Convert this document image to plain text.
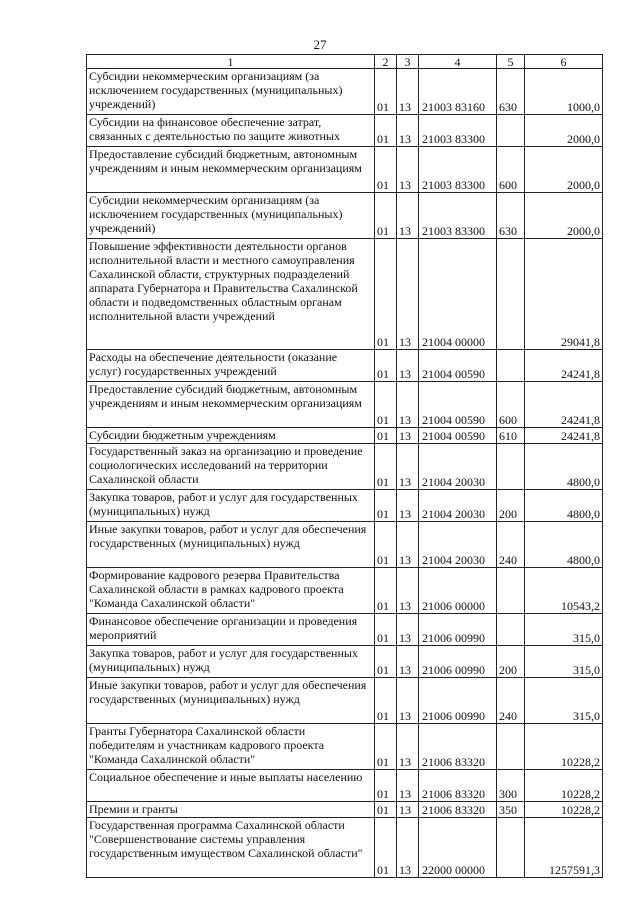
27
1	2	3	4	5	6
Субсидии некоммерческим организациям (за исключением государственных (муниципальных) учреждений)	01	13	21003 83160	630	1000,0
Субсидии на финансовое обеспечение затрат, связанных с деятельностью по защите животных	01	13	21003 83300		2000,0
Предоставление субсидий бюджетным, автономным учреждениям и иным некоммерческим организациям	01	13	21003 83300	600	2000,0
Субсидии некоммерческим организациям (за исключением государственных (муниципальных) учреждений)	01	13	21003 83300	630	2000,0
Повышение эффективности деятельности органов исполнительной власти и местного самоуправления Сахалинской области, структурных подразделений аппарата Губернатора и Правительства Сахалинской области и подведомственных областным органам исполнительной власти учреждений	01	13	21004 00000		29041,8
Расходы на обеспечение деятельности (оказание услуг) государственных учреждений	01	13	21004 00590		24241,8
Предоставление субсидий бюджетным, автономным учреждениям и иным некоммерческим организациям	01	13	21004 00590	600	24241,8
Субсидии бюджетным учреждениям	01	13	21004 00590	610	24241,8
Государственный заказ на организацию и проведение социологических исследований на территории Сахалинской области	01	13	21004 20030		4800,0
Закупка товаров, работ и услуг для государственных (муниципальных) нужд	01	13	21004 20030	200	4800,0
Иные закупки товаров, работ и услуг для обеспечения государственных (муниципальных) нужд	01	13	21004 20030	240	4800,0
Формирование кадрового резерва Правительства Сахалинской области в рамках кадрового проекта "Команда Сахалинской области"	01	13	21006 00000		10543,2
Финансовое обеспечение организации и проведения мероприятий	01	13	21006 00990		315,0
Закупка товаров, работ и услуг для государственных (муниципальных) нужд	01	13	21006 00990	200	315,0
Иные закупки товаров, работ и услуг для обеспечения государственных (муниципальных) нужд	01	13	21006 00990	240	315,0
Гранты Губернатора Сахалинской области победителям и участникам кадрового проекта "Команда Сахалинской области"	01	13	21006 83320		10228,2
Социальное обеспечение и иные выплаты населению	01	13	21006 83320	300	10228,2
Премии и гранты	01	13	21006 83320	350	10228,2
Государственная программа Сахалинской области "Совершенствование системы управления государственным имуществом Сахалинской области"	01	13	22000 00000		1257591,3
